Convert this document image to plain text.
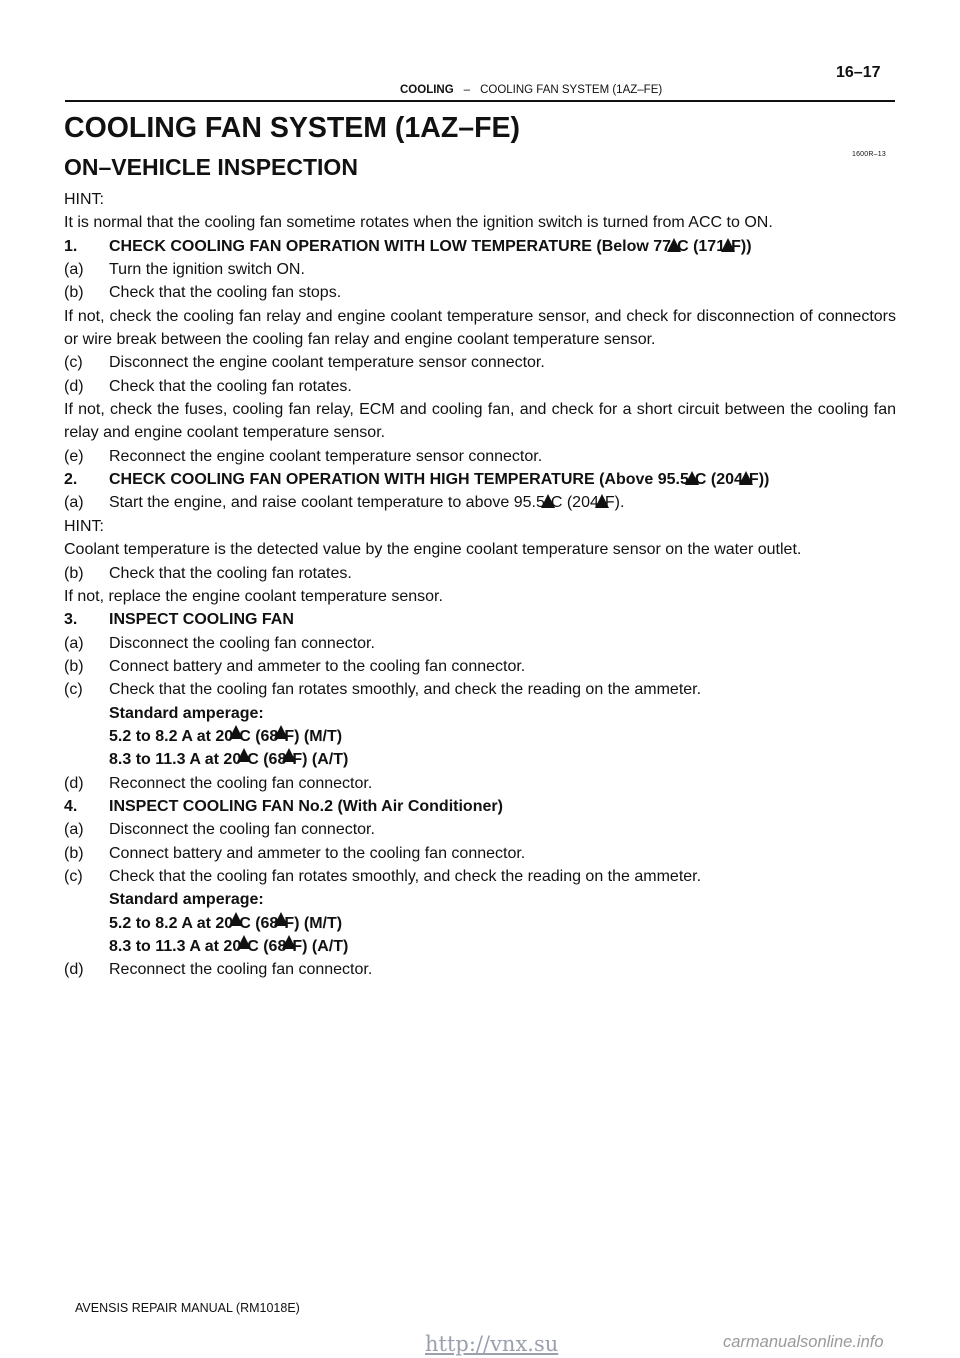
COOLING – COOLING FAN SYSTEM (1AZ–FE)
16–17
COOLING FAN SYSTEM (1AZ–FE)
1600R–13
ON–VEHICLE INSPECTION
HINT:
It is normal that the cooling fan sometime rotates when the ignition switch is turned from ACC to ON.
1.	CHECK COOLING FAN OPERATION WITH LOW TEMPERATURE (Below 77 C (171 F))
(a)	Turn the ignition switch ON.
(b)	Check that the cooling fan stops.
If not, check the cooling fan relay and engine coolant temperature sensor, and check for disconnection of connectors or wire break between the cooling fan relay and engine coolant temperature sensor.
(c)	Disconnect the engine coolant temperature sensor connector.
(d)	Check that the cooling fan rotates.
If not, check the fuses, cooling fan relay, ECM and cooling fan, and check for a short circuit between the cooling fan relay and engine coolant temperature sensor.
(e)	Reconnect the engine coolant temperature sensor connector.
2.	CHECK COOLING FAN OPERATION WITH HIGH TEMPERATURE (Above 95.5 C (204 F))
(a)	Start the engine, and raise coolant temperature to above 95.5 C (204 F).
HINT:
Coolant temperature is the detected value by the engine coolant temperature sensor on the water outlet.
(b)	Check that the cooling fan rotates.
If not, replace the engine coolant temperature sensor.
3.	INSPECT COOLING FAN
(a)	Disconnect the cooling fan connector.
(b)	Connect battery and ammeter to the cooling fan connector.
(c)	Check that the cooling fan rotates smoothly, and check the reading on the ammeter.
Standard amperage:
5.2 to 8.2 A at 20 C (68 F) (M/T)
8.3 to 11.3 A at 20 C (68 F) (A/T)
(d)	Reconnect the cooling fan connector.
4.	INSPECT COOLING FAN No.2 (With Air Conditioner)
(a)	Disconnect the cooling fan connector.
(b)	Connect battery and ammeter to the cooling fan connector.
(c)	Check that the cooling fan rotates smoothly, and check the reading on the ammeter.
Standard amperage:
5.2 to 8.2 A at 20 C (68 F) (M/T)
8.3 to 11.3 A at 20 C (68 F) (A/T)
(d)	Reconnect the cooling fan connector.
AVENSIS REPAIR MANUAL (RM1018E)
http://vnx.su	carmanualsonline.info
